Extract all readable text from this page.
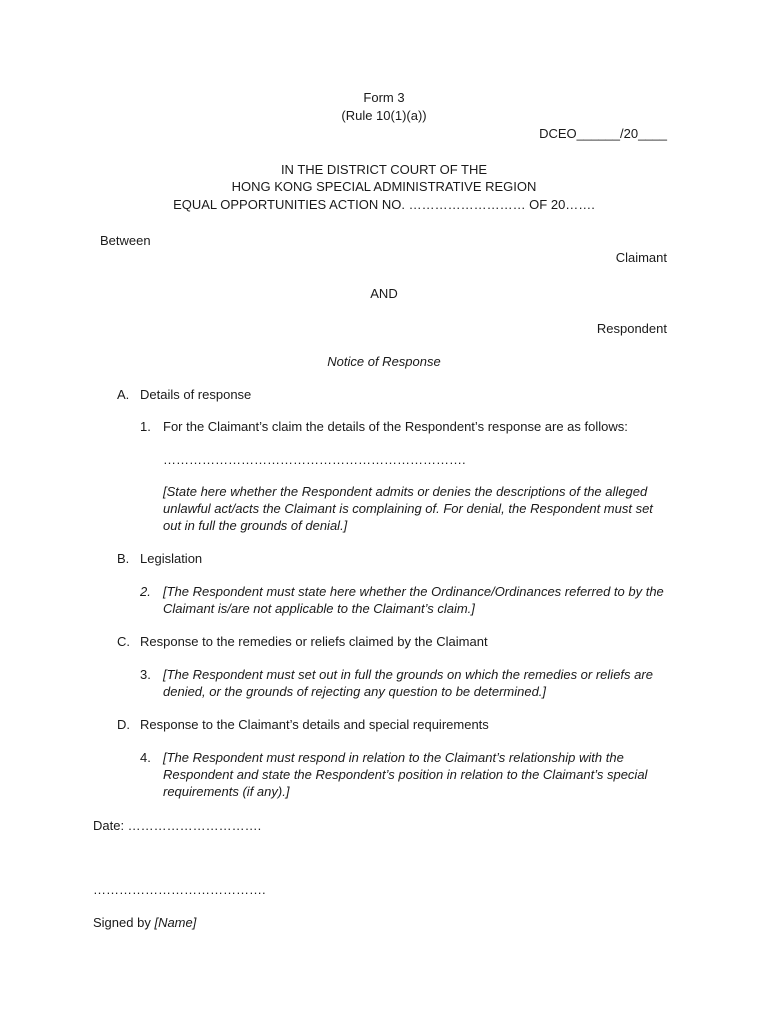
Form 3
(Rule 10(1)(a))
DCEO______/20____
IN THE DISTRICT COURT OF THE
HONG KONG SPECIAL ADMINISTRATIVE REGION
EQUAL OPPORTUNITIES ACTION NO. ……………………… OF 20…….
Between
Claimant
AND
Respondent
Notice of Response
A. Details of response
1. For the Claimant’s claim the details of the Respondent’s response are as follows:
…………………………………………………………….
[State here whether the Respondent admits or denies the descriptions of the alleged unlawful act/acts the Claimant is complaining of. For denial, the Respondent must set out in full the grounds of denial.]
B. Legislation
2. [The Respondent must state here whether the Ordinance/Ordinances referred to by the Claimant is/are not applicable to the Claimant’s claim.]
C. Response to the remedies or reliefs claimed by the Claimant
3. [The Respondent must set out in full the grounds on which the remedies or reliefs are denied, or the grounds of rejecting any question to be determined.]
D. Response to the Claimant’s details and special requirements
4. [The Respondent must respond in relation to the Claimant’s relationship with the Respondent and state the Respondent’s position in relation to the Claimant’s special requirements (if any).]
Date: ………………………….
………………………………….
Signed by [Name]
